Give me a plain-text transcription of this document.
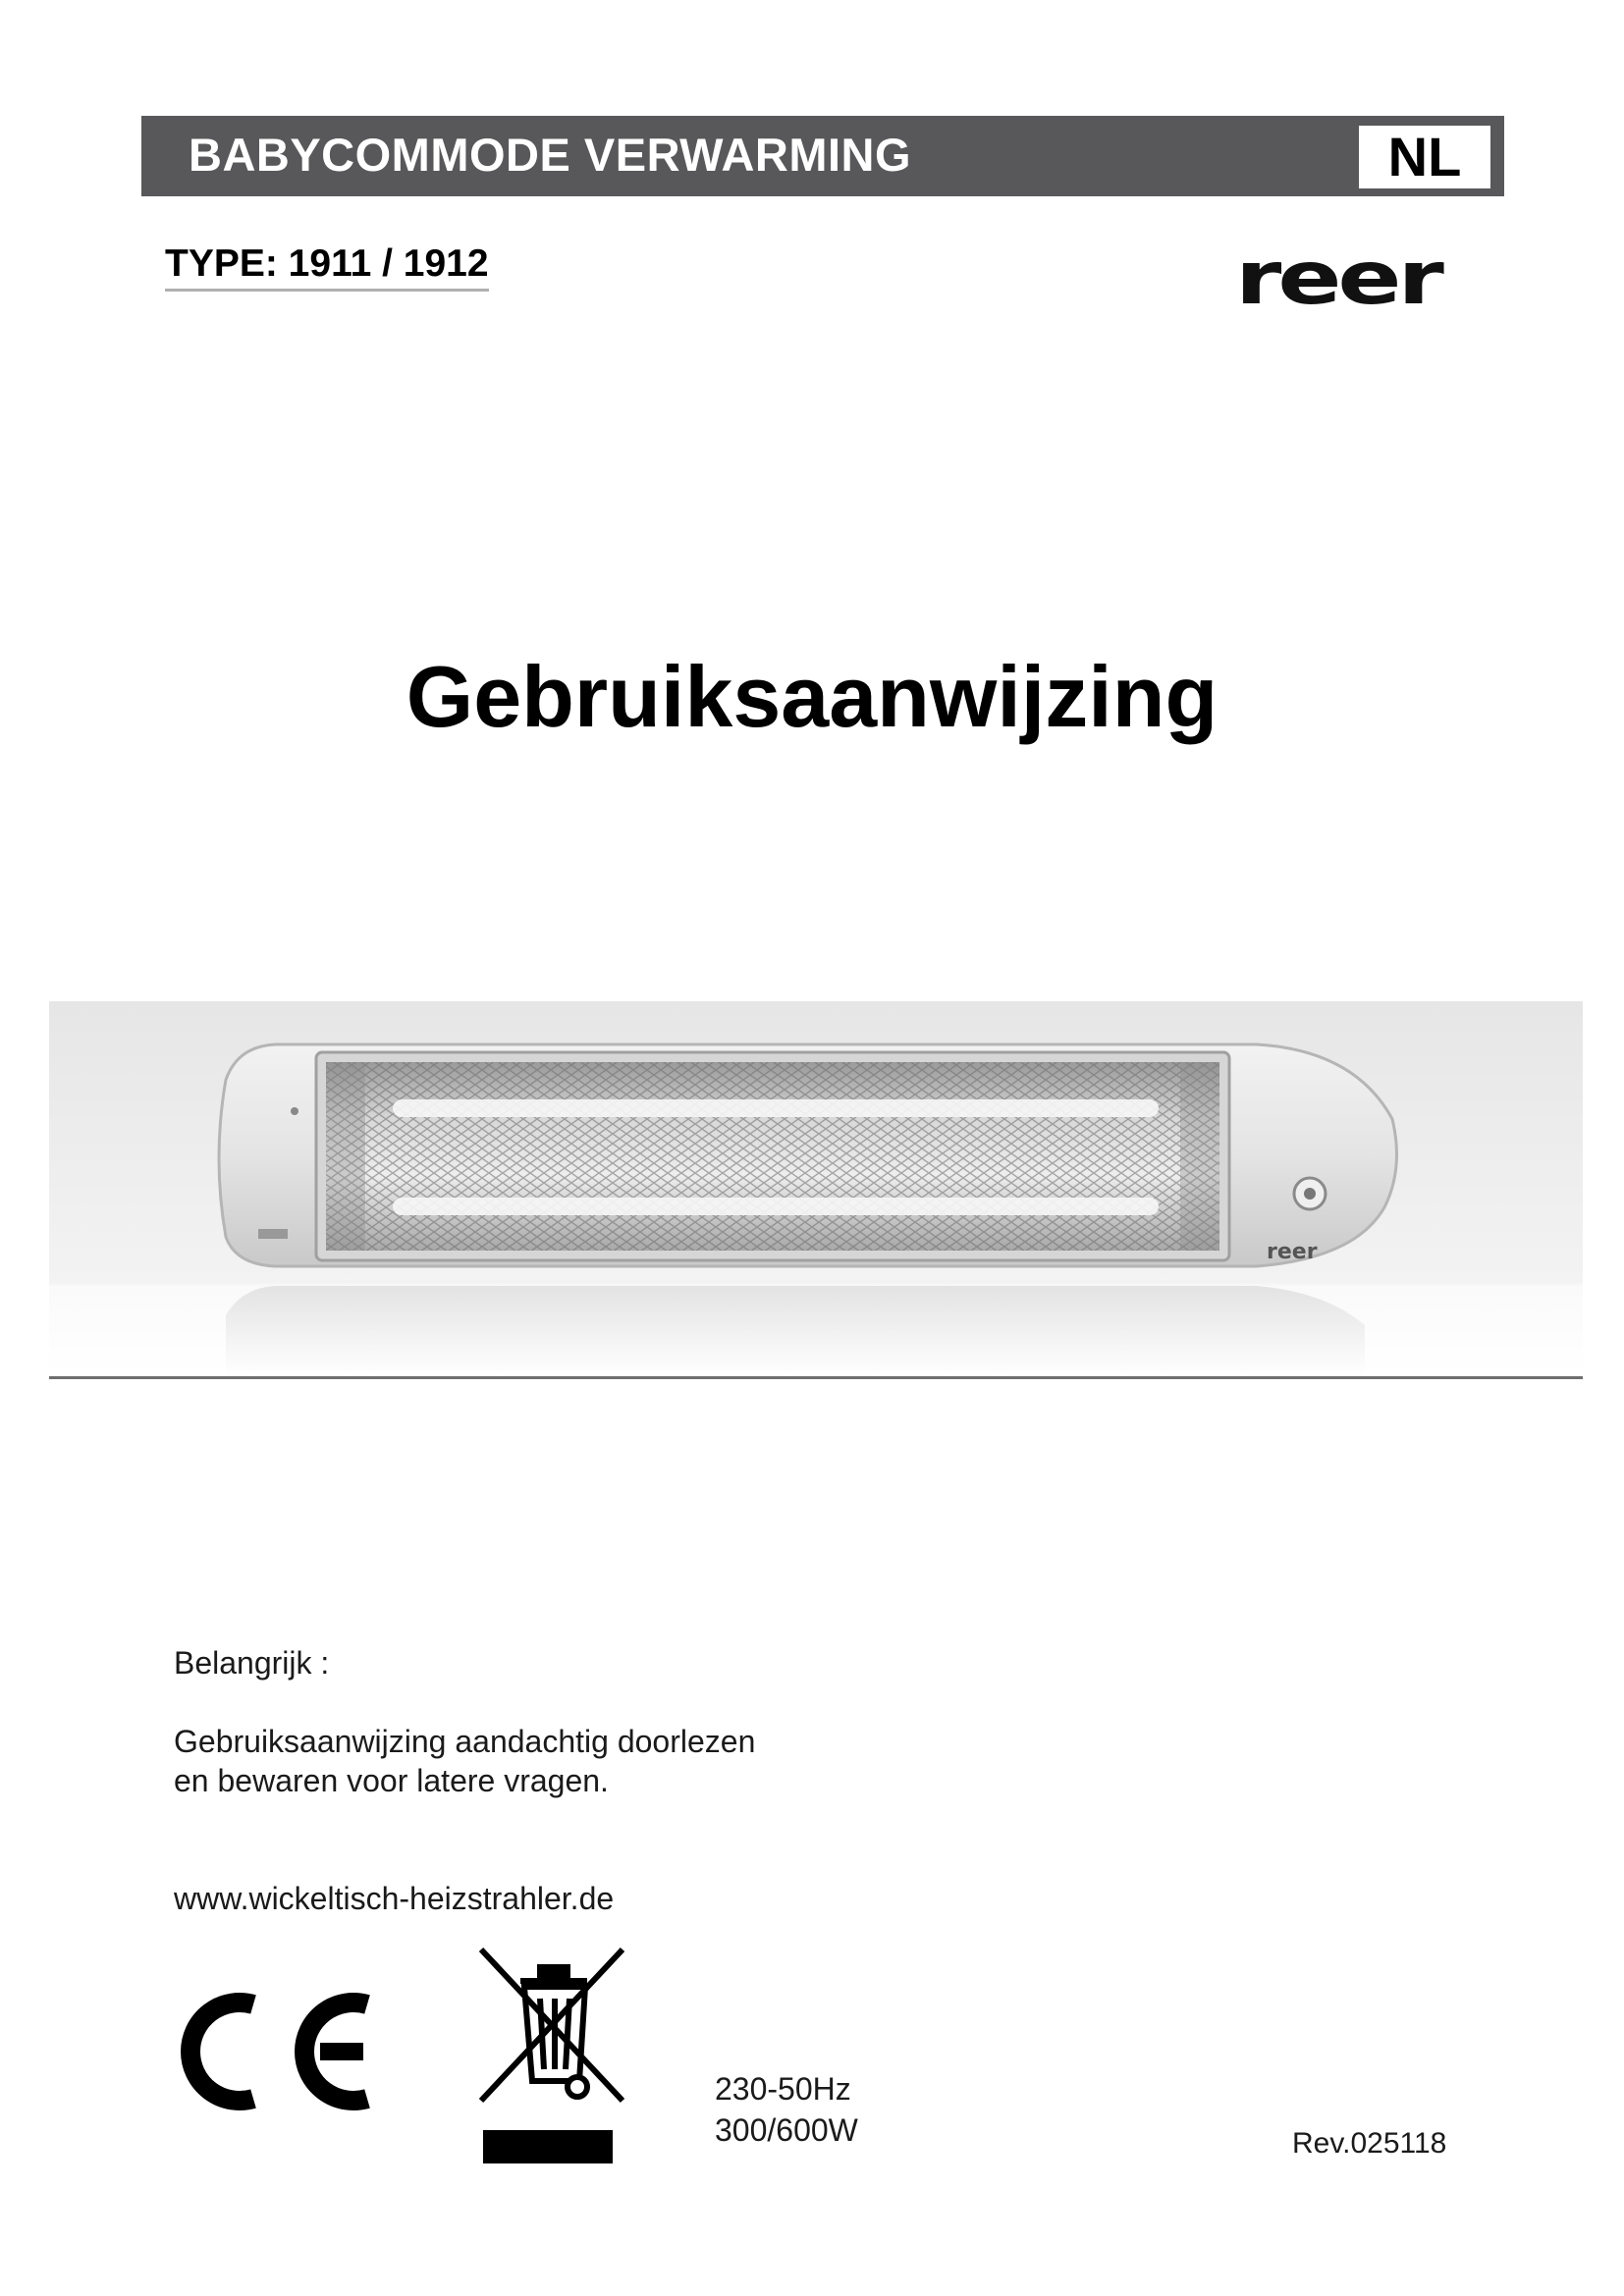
BABYCOMMODE VERWARMING	NL
TYPE: 1911 / 1912	reer
Gebruiksaanwijzing
reer
Belangrijk :
Gebruiksaanwijzing aandachtig doorlezen
en bewaren voor latere vragen.
www.wickeltisch-heizstrahler.de
230-50Hz
300/600W	Rev.025118
